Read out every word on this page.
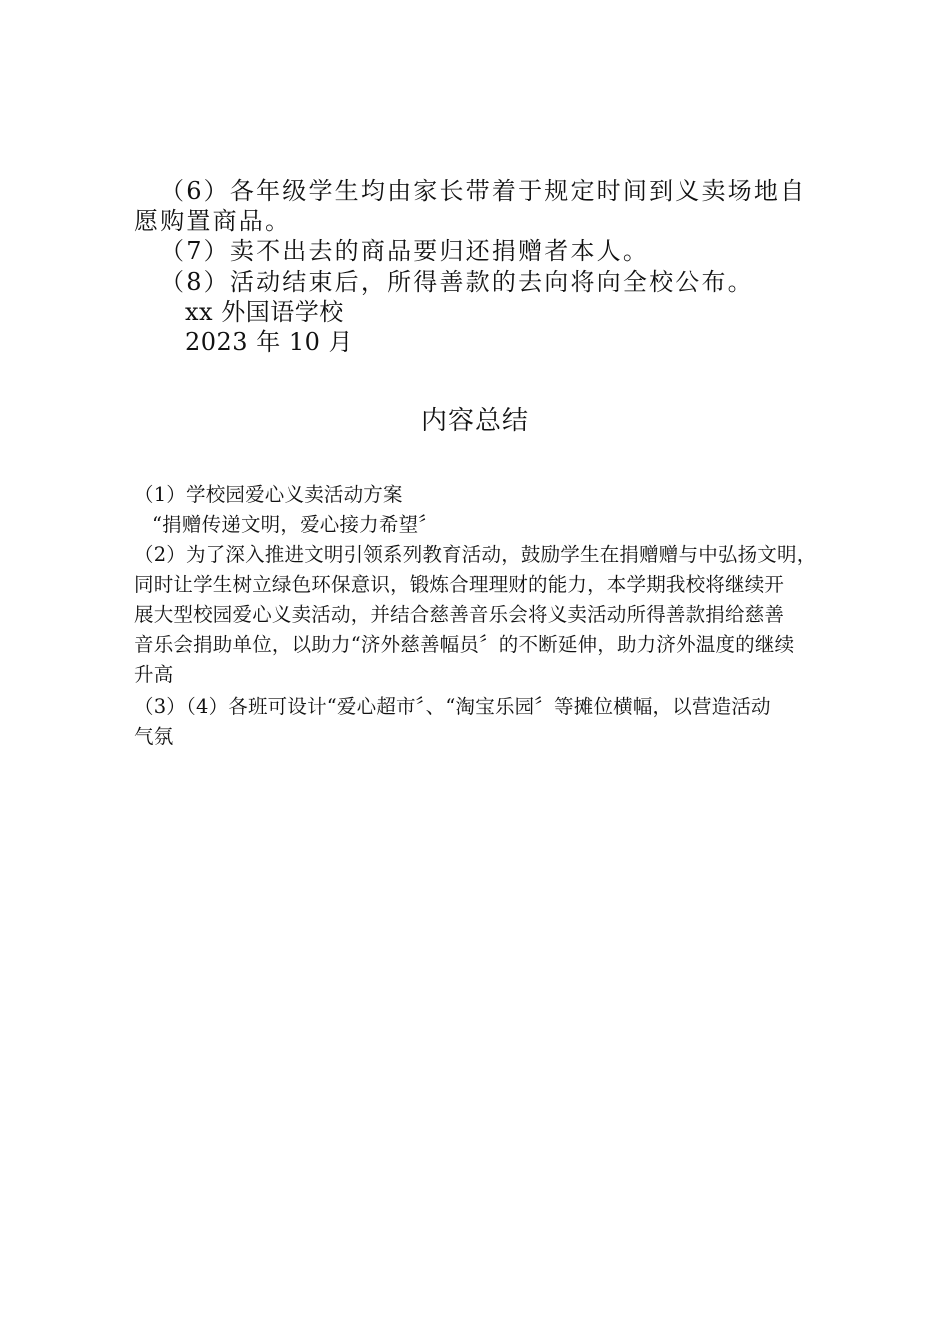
（6）各年级学生均由家长带着于规定时间到义卖场地自

愿购置商品。

（7）卖不出去的商品要归还捐赠者本人。

（8）活动结束后，所得善款的去向将向全校公布。

xx 外国语学校

2023 年 10 月

内容总结

（1）学校园爱心义卖活动方案

“捐赠传递文明，爱心接力希望〞

（2）为了深入推进文明引领系列教育活动，鼓励学生在捐赠赠与中弘扬文明，

同时让学生树立绿色环保意识，锻炼合理理财的能力，本学期我校将继续开

展大型校园爱心义卖活动，并结合慈善音乐会将义卖活动所得善款捐给慈善

音乐会捐助单位，以助力“济外慈善幅员〞的不断延伸，助力济外温度的继续

升高

（3）（4）各班可设计“爱心超市〞、“淘宝乐园〞等摊位横幅，以营造活动

气氛
